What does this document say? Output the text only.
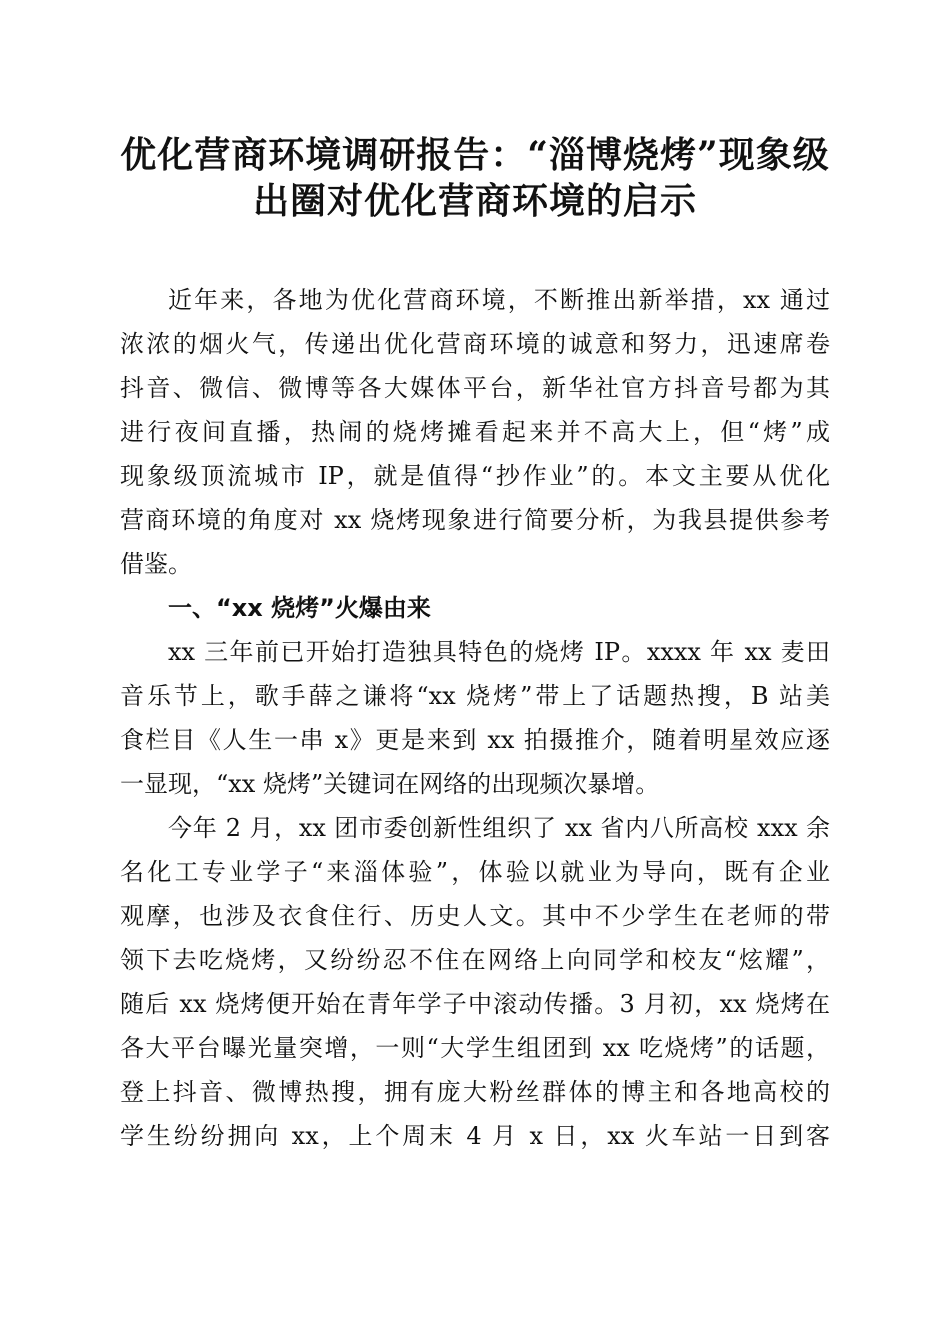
优化营商环境调研报告：“淄博烧烤”现象级
出圈对优化营商环境的启示
近年来，各地为优化营商环境，不断推出新举措，xx 通过
浓浓的烟火气，传递出优化营商环境的诚意和努力，迅速席卷
抖音、微信、微博等各大媒体平台，新华社官方抖音号都为其
进行夜间直播，热闹的烧烤摊看起来并不高大上，但“烤”成
现象级顶流城市 IP，就是值得“抄作业”的。本文主要从优化
营商环境的角度对 xx 烧烤现象进行简要分析，为我县提供参考
借鉴。
一、“xx 烧烤”火爆由来
xx 三年前已开始打造独具特色的烧烤 IP。xxxx 年 xx 麦田
音乐节上，歌手薛之谦将“xx 烧烤”带上了话题热搜，B 站美
食栏目《人生一串 x》更是来到 xx 拍摄推介，随着明星效应逐
一显现，“xx 烧烤”关键词在网络的出现频次暴增。
今年 2 月，xx 团市委创新性组织了 xx 省内八所高校 xxx 余
名化工专业学子“来淄体验”，体验以就业为导向，既有企业
观摩，也涉及衣食住行、历史人文。其中不少学生在老师的带
领下去吃烧烤，又纷纷忍不住在网络上向同学和校友“炫耀”，
随后 xx 烧烤便开始在青年学子中滚动传播。3 月初，xx 烧烤在
各大平台曝光量突增，一则“大学生组团到 xx 吃烧烤”的话题，
登上抖音、微博热搜，拥有庞大粉丝群体的博主和各地高校的
学生纷纷拥向 xx，上个周末 4 月 x 日，xx 火车站一日到客
